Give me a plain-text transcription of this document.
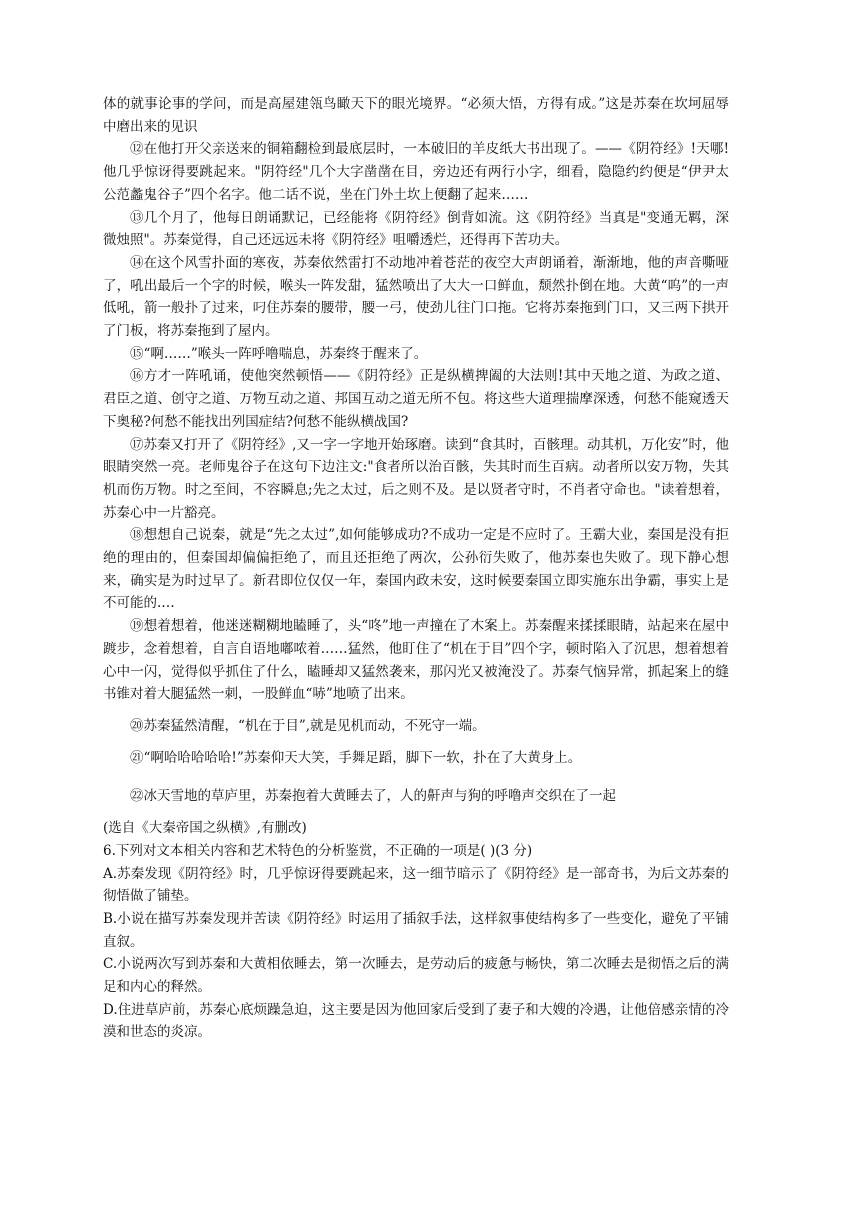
体的就事论事的学问，而是高屋建瓴鸟瞰天下的眼光境界。“必须大悟，方得有成。”这是苏秦在坎坷屈辱中磨出来的见识

⑫在他打开父亲送来的铜箱翻检到最底层时，一本破旧的羊皮纸大书出现了。——《阴符经》!天哪!他几乎惊讶得要跳起来。"阴符经"几个大字凿凿在目，旁边还有两行小字，细看，隐隐约约便是“伊尹太公范蠡鬼谷子”四个名字。他二话不说，坐在门外土坎上便翻了起来……

⑬几个月了，他每日朗诵默记，已经能将《阴符经》倒背如流。这《阴符经》当真是"变通无羁，深微烛照"。苏秦觉得，自己还远远未将《阴符经》咀嚼透烂，还得再下苦功夫。

⑭在这个风雪扑面的寒夜，苏秦依然雷打不动地冲着苍茫的夜空大声朗诵着，渐渐地，他的声音嘶哑了，吼出最后一个字的时候，喉头一阵发甜，猛然喷出了大大一口鲜血，颓然扑倒在地。大黄“呜”的一声低吼，箭一般扑了过来，叼住苏秦的腰带，腰一弓，使劲儿往门口拖。它将苏秦拖到门口，又三两下拱开了门板，将苏秦拖到了屋内。

⑮“啊……”喉头一阵呼噜喘息，苏秦终于醒来了。

⑯方才一阵吼诵，使他突然顿悟——《阴符经》正是纵横捭阖的大法则!其中天地之道、为政之道、君臣之道、创守之道、万物互动之道、邦国互动之道无所不包。将这些大道理揣摩深透，何愁不能窥透天下奥秘?何愁不能找出列国症结?何愁不能纵横战国?

⑰苏秦又打开了《阴符经》,又一字一字地开始琢磨。读到“食其时，百骸理。动其机，万化安”时，他眼睛突然一亮。老师鬼谷子在这句下边注文:"食者所以治百骸，失其时而生百病。动者所以安万物，失其机而伤万物。时之至间，不容瞬息;先之太过，后之则不及。是以贤者守时，不肖者守命也。"读着想着，苏秦心中一片豁亮。

⑱想想自己说秦，就是“先之太过”,如何能够成功?不成功一定是不应时了。王霸大业，秦国是没有拒绝的理由的，但秦国却偏偏拒绝了，而且还拒绝了两次，公孙衍失败了，他苏秦也失败了。现下静心想来，确实是为时过早了。新君即位仅仅一年，秦国内政未安，这时候要秦国立即实施东出争霸，事实上是不可能的.…

⑲想着想着，他迷迷糊糊地瞌睡了，头“咚”地一声撞在了木案上。苏秦醒来揉揉眼睛，站起来在屋中踱步，念着想着，自言自语地嘟哝着……猛然，他盯住了“机在于目”四个字，顿时陷入了沉思，想着想着心中一闪，觉得似乎抓住了什么，瞌睡却又猛然袭来，那闪光又被淹没了。苏秦气恼异常，抓起案上的缝书锥对着大腿猛然一刺，一股鲜血“哧”地喷了出来。

⑳苏秦猛然清醒，“机在于目”,就是见机而动，不死守一端。

㉑“啊哈哈哈哈哈!”苏秦仰天大笑，手舞足蹈，脚下一软，扑在了大黄身上。

㉒冰天雪地的草庐里，苏秦抱着大黄睡去了，人的鼾声与狗的呼噜声交织在了一起

(选自《大秦帝国之纵横》,有删改)

6.下列对文本相关内容和艺术特色的分析鉴赏，不正确的一项是( )(3 分)

A.苏秦发现《阴符经》时，几乎惊讶得要跳起来，这一细节暗示了《阴符经》是一部奇书，为后文苏秦的彻悟做了铺垫。

B.小说在描写苏秦发现并苦读《阴符经》时运用了插叙手法，这样叙事使结构多了一些变化，避免了平铺直叙。

C.小说两次写到苏秦和大黄相依睡去，第一次睡去，是劳动后的疲惫与畅快，第二次睡去是彻悟之后的满足和内心的释然。

D.住进草庐前，苏秦心底烦躁急迫，这主要是因为他回家后受到了妻子和大嫂的冷遇，让他倍感亲情的冷漠和世态的炎凉。
